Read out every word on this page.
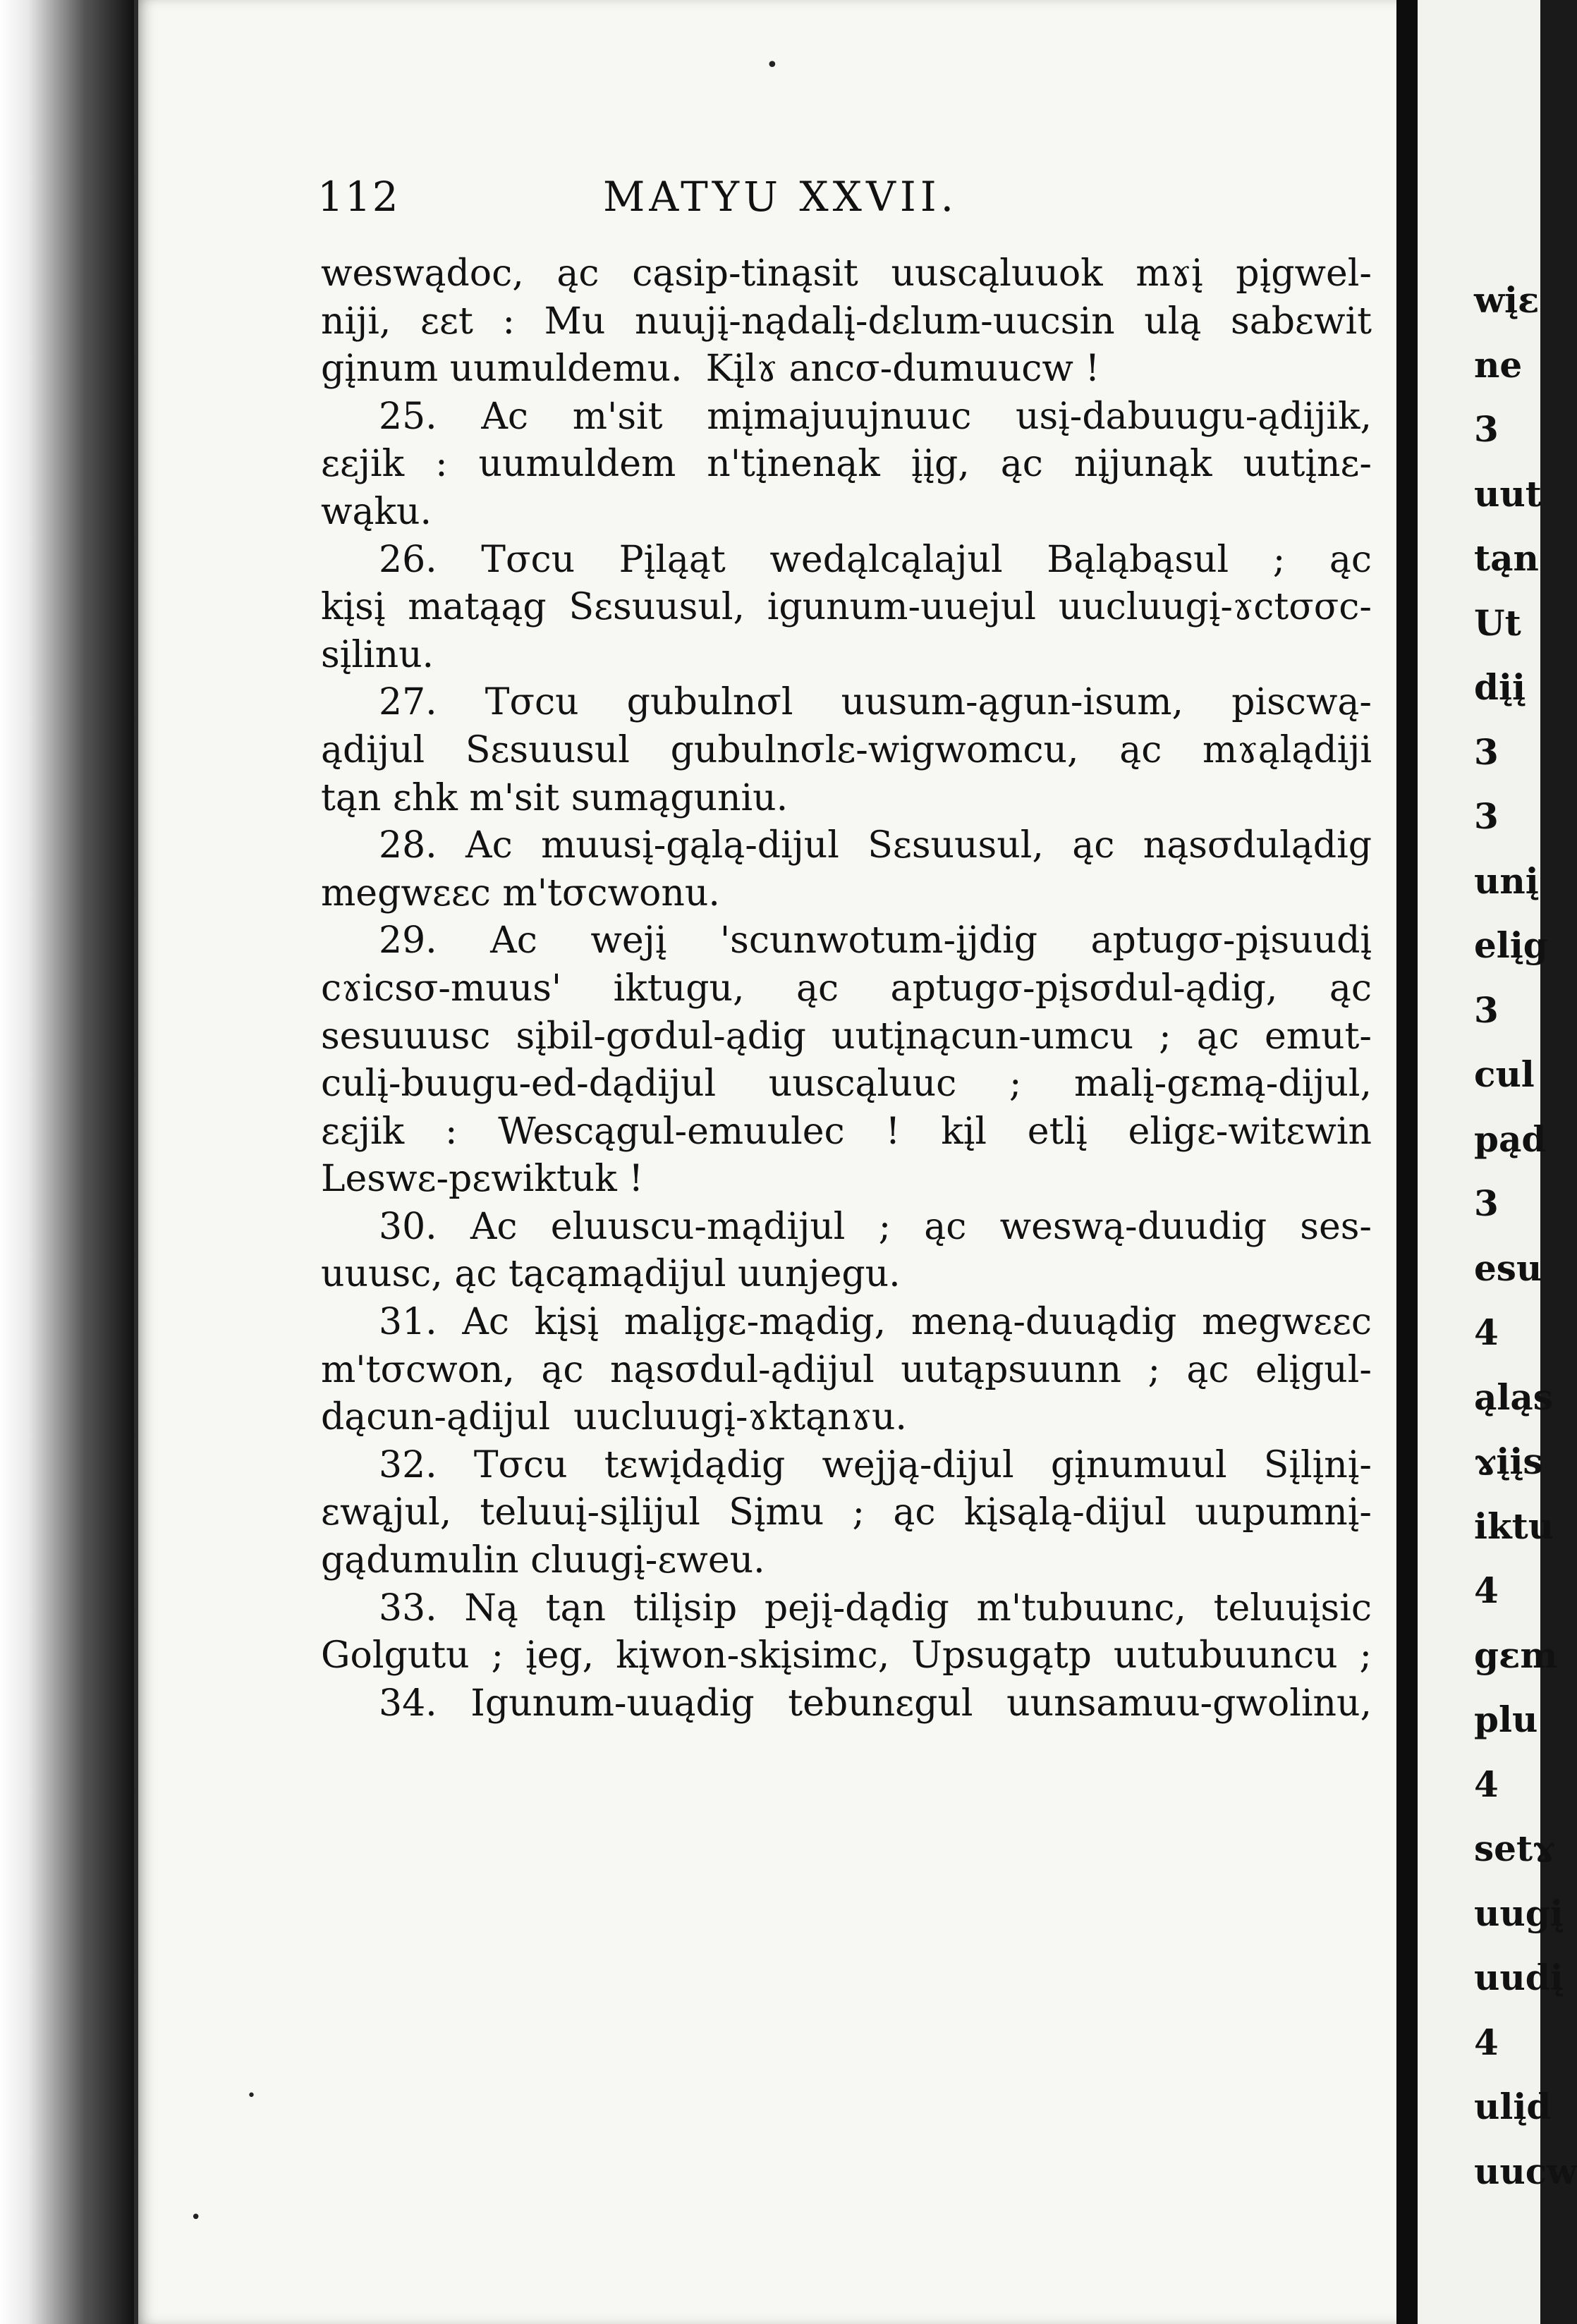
•
•
•
112	MATYU XXVII.
weswądoc, ąc cąsip-tinąsit uuscąluuok mɤį pįgwel-
niji, εεt : Mu nuujį-nądalį-dεlum-uucsin ulą sabεwit
gįnum uumuldemu.  Kįlɤ ancσ-dumuucw !
25. Ac m'sit mįmajuujnuuc usį-dabuugu-ądijik,
εεjik : uumuldem n'tįnenąk įįg, ąc nįjunąk uutįnε-
wąku.
26. Tσcu Pįląąt wedąlcąlajul Bąląbąsul ; ąc
kįsį matąąg Sεsuusul, igunum-uuejul uucluugį-ɤctσσc-
sįlinu.
27. Tσcu gubulnσl uusum-ągun-isum, piscwą-
ądijul Sεsuusul gubulnσlε-wigwomcu, ąc mɤąlądiji
tąn εhk m'sit sumąguniu.
28. Ac muusį-gąlą-dijul Sεsuusul, ąc nąsσdulądig
megwεεc m'tσcwonu.
29. Ac wejį 'scunwotum-įjdig aptugσ-pįsuudį
cɤicsσ-muus' iktugu, ąc aptugσ-pįsσdul-ądig, ąc
sesuuusc sįbil-gσdul-ądig uutįnącun-umcu ; ąc emut-
culį-buugu-ed-dądijul uuscąluuc ; malį-gεmą-dijul,
εεjik : Wescągul-emuulec ! kįl etlį eligε-witεwin
Leswε-pεwiktuk !
30. Ac eluuscu-mądijul ; ąc weswą-duudig ses-
uuusc, ąc tącąmądijul uunjegu.
31. Ac kįsį malįgε-mądig, meną-duuądig megwεεc
m'tσcwon, ąc nąsσdul-ądijul uutąpsuunn ; ąc elįgul-
dącun-ądijul  uucluugį-ɤktąnɤu.
32. Tσcu tεwįdądig wejją-dijul gįnumuul Sįlįnį-
εwąjul, teluuį-sįlijul Sįmu ; ąc kįsąlą-dijul uupumnį-
gądumulin cluugį-εweu.
33. Ną tąn tilįsip pejį-dądig m'tubuunc, teluuįsic
Golgutu ; įeg, kįwon-skįsimc, Upsugątp uutubuuncu ;
34. Igunum-uuądig tebunεgul uunsamuu-gwolinu,
wįε
ne
3
uut
tąn
Ut
dįį
3
3
unį
elįg
3
cul
pąd
3
esu
4
ąląs
ɤįįs
iktu
4
gεm
plu
4
setɤ
uugį
uudį
4
ulįd
uucw
